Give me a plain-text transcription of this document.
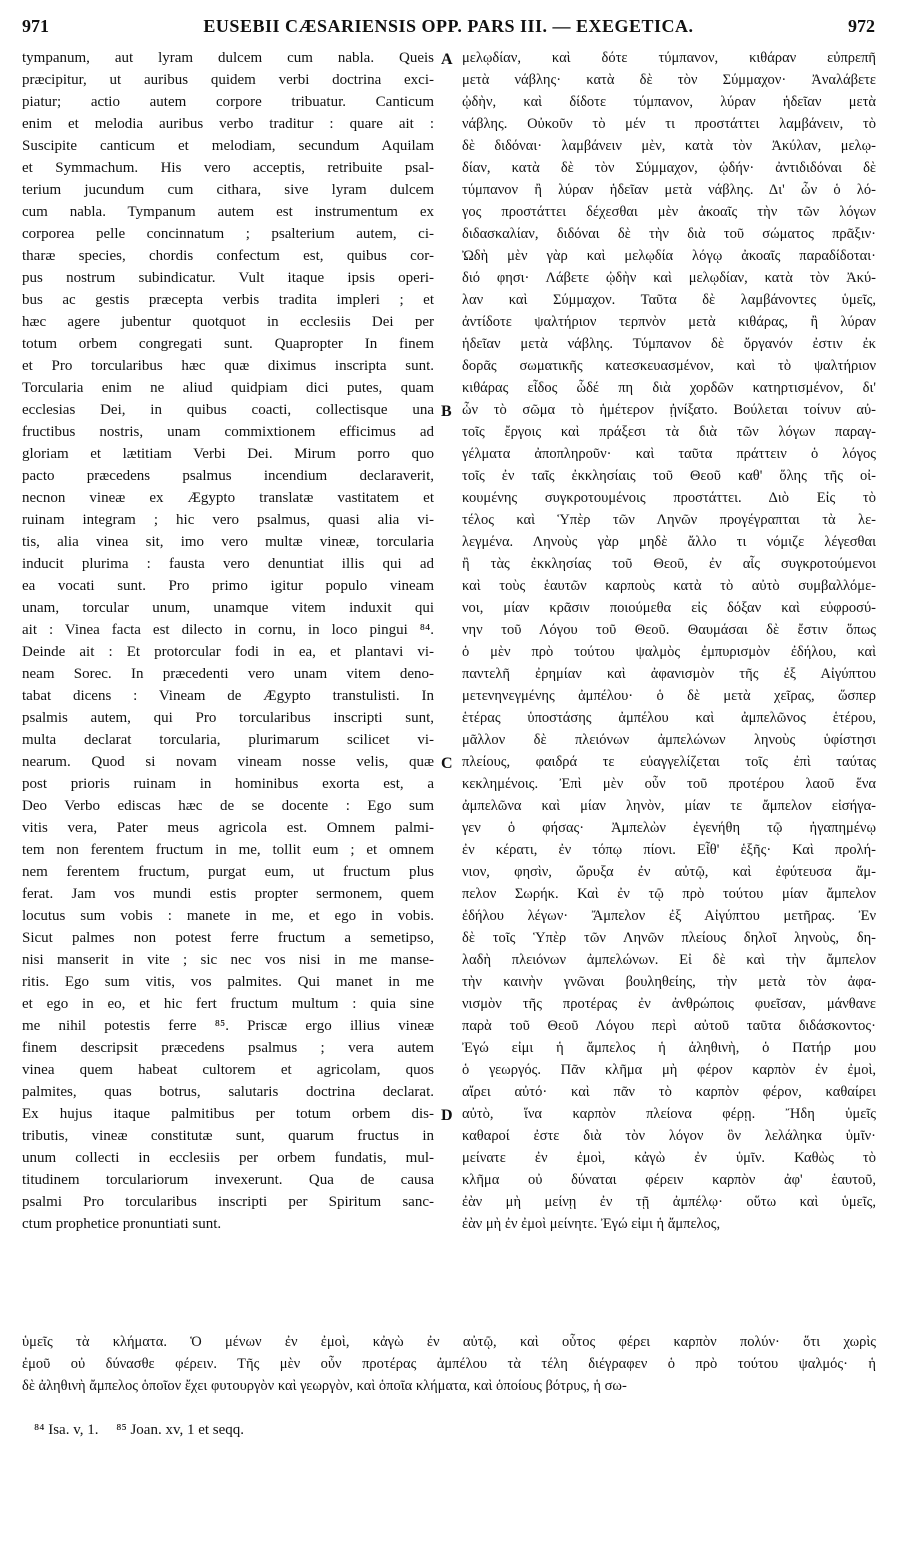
971	EUSEBII CÆSARIENSIS OPP. PARS III. — EXEGETICA.	972
tympanum, aut lyram dulcem cum nabla. Queis
præcipitur, ut auribus quidem verbi doctrina exci-
piatur; actio autem corpore tribuatur. Canticum
enim et melodia auribus verbo traditur : quare ait :
Suscipite canticum et melodiam, secundum Aquilam
et Symmachum. His vero acceptis, retribuite psal-
terium jucundum cum cithara, sive lyram dulcem
cum nabla. Tympanum autem est instrumentum ex
corporea pelle concinnatum ; psalterium autem, ci-
tharæ species, chordis confectum est, quibus cor-
pus nostrum subindicatur. Vult itaque ipsis operi-
bus ac gestis præcepta verbis tradita impleri ; et
hæc agere jubentur quotquot in ecclesiis Dei per
totum orbem congregati sunt. Quapropter In finem
et Pro torcularibus hæc quæ diximus inscripta sunt.
Torcularia enim ne aliud quidpiam dici putes, quam
ecclesias Dei, in quibus coacti, collectisque una
fructibus nostris, unam commixtionem efficimus ad
gloriam et lætitiam Verbi Dei. Mirum porro quo
pacto præcedens psalmus incendium declaraverit,
necnon vineæ ex Ægypto translatæ vastitatem et
ruinam integram ; hic vero psalmus, quasi alia vi-
tis, alia vinea sit, imo vero multæ vineæ, torcularia
inducit plurima : fausta vero denuntiat illis qui ad
ea vocati sunt. Pro primo igitur populo vineam
unam, torcular unum, unamque vitem induxit qui
ait : Vinea facta est dilecto in cornu, in loco pingui ⁸⁴.
Deinde ait : Et protorcular fodi in ea, et plantavi vi-
neam Sorec. In præcedenti vero unam vitem deno-
tabat dicens : Vineam de Ægypto transtulisti. In
psalmis autem, qui Pro torcularibus inscripti sunt,
multa declarat torcularia, plurimarum scilicet vi-
nearum. Quod si novam vineam nosse velis, quæ
post prioris ruinam in hominibus exorta est, a
Deo Verbo ediscas hæc de se docente : Ego sum
vitis vera, Pater meus agricola est. Omnem palmi-
tem non ferentem fructum in me, tollit eum ; et omnem
nem ferentem fructum, purgat eum, ut fructum plus
ferat. Jam vos mundi estis propter sermonem, quem
locutus sum vobis : manete in me, et ego in vobis.
Sicut palmes non potest ferre fructum a semetipso,
nisi manserit in vite ; sic nec vos nisi in me manse-
ritis. Ego sum vitis, vos palmites. Qui manet in me
et ego in eo, et hic fert fructum multum : quia sine
me nihil potestis ferre ⁸⁵. Priscæ ergo illius vineæ
finem descripsit præcedens psalmus ; vera autem
vinea quem habeat cultorem et agricolam, quos
palmites, quas botrus, salutaris doctrina declarat.
Ex hujus itaque palmitibus per totum orbem dis-
tributis, vineæ constitutæ sunt, quarum fructus in
unum collecti in ecclesiis per orbem fundatis, mul-
titudinem torculariorum invexerunt. Qua de causa
psalmi Pro torcularibus inscripti per Spiritum sanc-
ctum prophetice pronuntiati sunt.
A
B
C
D
μελῳδίαν, καὶ δότε τύμπανον, κιθάραν εὐπρεπῆ
μετὰ νάβλης· κατὰ δὲ τὸν Σύμμαχον· Ἀναλάβετε
ᾠδὴν, καὶ δίδοτε τύμπανον, λύραν ἡδεῖαν μετὰ
νάβλης. Οὐκοῦν τὸ μέν τι προστάττει λαμβάνειν, τὸ
δὲ διδόναι· λαμβάνειν μὲν, κατὰ τὸν Ἀκύλαν, μελῳ-
δίαν, κατὰ δὲ τὸν Σύμμαχον, ᾠδήν· ἀντιδιδόναι δὲ
τύμπανον ἢ λύραν ἡδεῖαν μετὰ νάβλης. Δι' ὧν ὁ λό-
γος προστάττει δέχεσθαι μὲν ἀκοαῖς τὴν τῶν λόγων
διδασκαλίαν, διδόναι δὲ τὴν διὰ τοῦ σώματος πρᾶξιν·
Ὠδὴ μὲν γὰρ καὶ μελῳδία λόγῳ ἀκοαῖς παραδίδοται·
διό φησι· Λάβετε ᾠδὴν καὶ μελῳδίαν, κατὰ τὸν Ἀκύ-
λαν καὶ Σύμμαχον. Ταῦτα δὲ λαμβάνοντες ὑμεῖς,
ἀντίδοτε ψαλτήριον τερπνὸν μετὰ κιθάρας, ἢ λύραν
ἡδεῖαν μετὰ νάβλης. Τύμπανον δὲ ὄργανόν ἐστιν ἐκ
δορᾶς σωματικῆς κατεσκευασμένον, καὶ τὸ ψαλτήριον
κιθάρας εἶδος ὧδέ πη διὰ χορδῶν κατηρτισμένον, δι'
ὧν τὸ σῶμα τὸ ἡμέτερον ᾐνίξατο. Βούλεται τοίνυν αὐ-
τοῖς ἔργοις καὶ πράξεσι τὰ διὰ τῶν λόγων παραγ-
γέλματα ἀποπληροῦν· καὶ ταῦτα πράττειν ὁ λόγος
τοῖς ἐν ταῖς ἐκκλησίαις τοῦ Θεοῦ καθ' ὅλης τῆς οἰ-
κουμένης συγκροτουμένοις προστάττει. Διὸ Εἰς τὸ
τέλος καὶ Ὑπὲρ τῶν Ληνῶν προγέγραπται τὰ λε-
λεγμένα. Ληνοὺς γὰρ μηδὲ ἄλλο τι νόμιζε λέγεσθαι
ἢ τὰς ἐκκλησίας τοῦ Θεοῦ, ἐν αἷς συγκροτούμενοι
καὶ τοὺς ἑαυτῶν καρποὺς κατὰ τὸ αὐτὸ συμβαλλόμε-
νοι, μίαν κρᾶσιν ποιούμεθα εἰς δόξαν καὶ εὐφροσύ-
νην τοῦ Λόγου τοῦ Θεοῦ. Θαυμάσαι δὲ ἔστιν ὅπως
ὁ μὲν πρὸ τούτου ψαλμὸς ἐμπυρισμὸν ἐδήλου, καὶ
παντελῆ ἐρημίαν καὶ ἀφανισμὸν τῆς ἐξ Αἰγύπτου
μετενηνεγμένης ἀμπέλου· ὁ δὲ μετὰ χεῖρας, ὥσπερ
ἑτέρας ὑποστάσης ἀμπέλου καὶ ἀμπελῶνος ἑτέρου,
μᾶλλον δὲ πλειόνων ἀμπελώνων ληνοὺς ὑφίστησι
πλείους, φαιδρά τε εὐαγγελίζεται τοῖς ἐπὶ ταύτας
κεκλημένοις. Ἐπὶ μὲν οὖν τοῦ προτέρου λαοῦ ἕνα
ἀμπελῶνα καὶ μίαν ληνὸν, μίαν τε ἄμπελον εἰσήγα-
γεν ὁ φήσας· Ἀμπελὼν ἐγενήθη τῷ ἠγαπημένῳ
ἐν κέρατι, ἐν τόπῳ πίονι. Εἶθ' ἑξῆς· Καὶ προλή-
νιον, φησὶν, ὤρυξα ἐν αὐτῷ, καὶ ἐφύτευσα ἄμ-
πελον Σωρήκ. Καὶ ἐν τῷ πρὸ τούτου μίαν ἄμπελον
ἐδήλου λέγων· Ἄμπελον ἐξ Αἰγύπτου μετῆρας. Ἐν
δὲ τοῖς Ὑπὲρ τῶν Ληνῶν πλείους δηλοῖ ληνοὺς, δη-
λαδὴ πλειόνων ἀμπελώνων. Εἰ δὲ καὶ τὴν ἄμπελον
τὴν καινὴν γνῶναι βουληθείης, τὴν μετὰ τὸν ἀφα-
νισμὸν τῆς προτέρας ἐν ἀνθρώποις φυεῖσαν, μάνθανε
παρὰ τοῦ Θεοῦ Λόγου περὶ αὐτοῦ ταῦτα διδάσκοντος·
Ἐγώ εἰμι ἡ ἄμπελος ἡ ἀληθινὴ, ὁ Πατήρ μου
ὁ γεωργός. Πᾶν κλῆμα μὴ φέρον καρπὸν ἐν ἐμοὶ,
αἴρει αὐτό· καὶ πᾶν τὸ καρπὸν φέρον, καθαίρει
αὐτὸ, ἵνα καρπὸν πλείονα φέρῃ. Ἤδη ὑμεῖς
καθαροί ἐστε διὰ τὸν λόγον ὃν λελάληκα ὑμῖν·
μείνατε ἐν ἐμοὶ, κἀγὼ ἐν ὑμῖν. Καθὼς τὸ
κλῆμα οὐ δύναται φέρειν καρπὸν ἀφ' ἑαυτοῦ,
ἐὰν μὴ μείνῃ ἐν τῇ ἀμπέλῳ· οὕτω καὶ ὑμεῖς,
ἐὰν μὴ ἐν ἐμοὶ μείνητε. Ἐγώ εἰμι ἡ ἄμπελος,
ὑμεῖς τὰ κλήματα. Ὁ μένων ἐν ἐμοὶ, κἀγὼ ἐν αὐτῷ, καὶ οὗτος φέρει καρπὸν πολύν· ὅτι χωρὶς
ἐμοῦ οὐ δύνασθε φέρειν. Τῆς μὲν οὖν προτέρας ἀμπέλου τὰ τέλη διέγραφεν ὁ πρὸ τούτου ψαλμός· ἡ
δὲ ἀληθινὴ ἄμπελος ὁποῖον ἔχει φυτουργὸν καὶ γεωργὸν, καὶ ὁποῖα κλήματα, καὶ ὁποίους βότρυς, ἡ σω-
⁸⁴ Isa. v, 1. ⁸⁵ Joan. xv, 1 et seqq.
